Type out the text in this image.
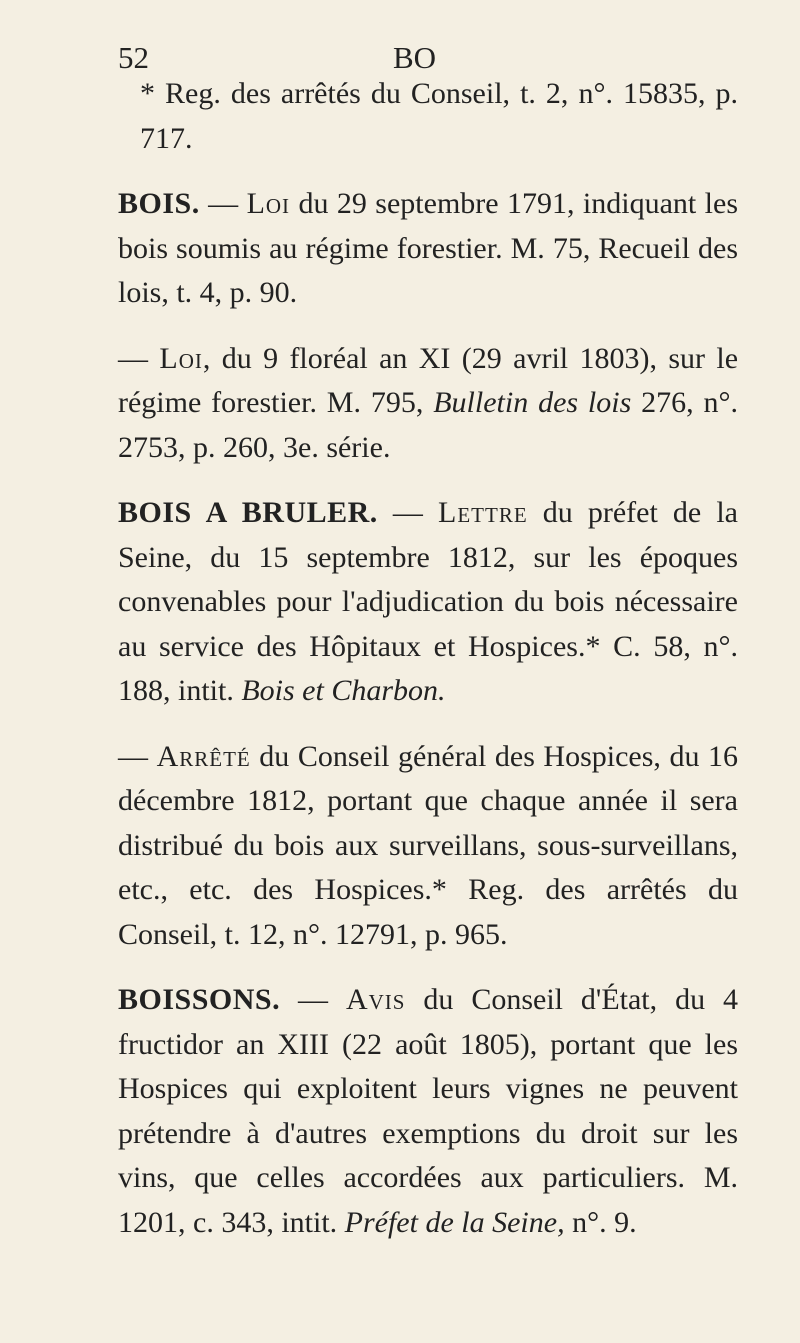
52	BO

* Reg. des arrêtés du Conseil, t. 2, n°. 15835, p. 717.

BOIS. — Loi du 29 septembre 1791, indiquant les bois soumis au régime forestier. M. 75, Recueil des lois, t. 4, p. 90.

— Loi, du 9 floréal an XI (29 avril 1803), sur le régime forestier. M. 795, Bulletin des lois 276, n°. 2753, p. 260, 3e. série.

BOIS A BRULER. — Lettre du préfet de la Seine, du 15 septembre 1812, sur les époques convenables pour l'adjudication du bois nécessaire au service des Hôpitaux et Hospices.* C. 58, n°. 188, intit. Bois et Charbon.

— Arrêté du Conseil général des Hospices, du 16 décembre 1812, portant que chaque année il sera distribué du bois aux surveillans, sous-surveillans, etc., etc. des Hospices.* Reg. des arrêtés du Conseil, t. 12, n°. 12791, p. 965.

BOISSONS. — Avis du Conseil d'État, du 4 fructidor an XIII (22 août 1805), portant que les Hospices qui exploitent leurs vignes ne peuvent prétendre à d'autres exemptions du droit sur les vins, que celles accordées aux particuliers. M. 1201, c. 343, intit. Préfet de la Seine, n°. 9.
